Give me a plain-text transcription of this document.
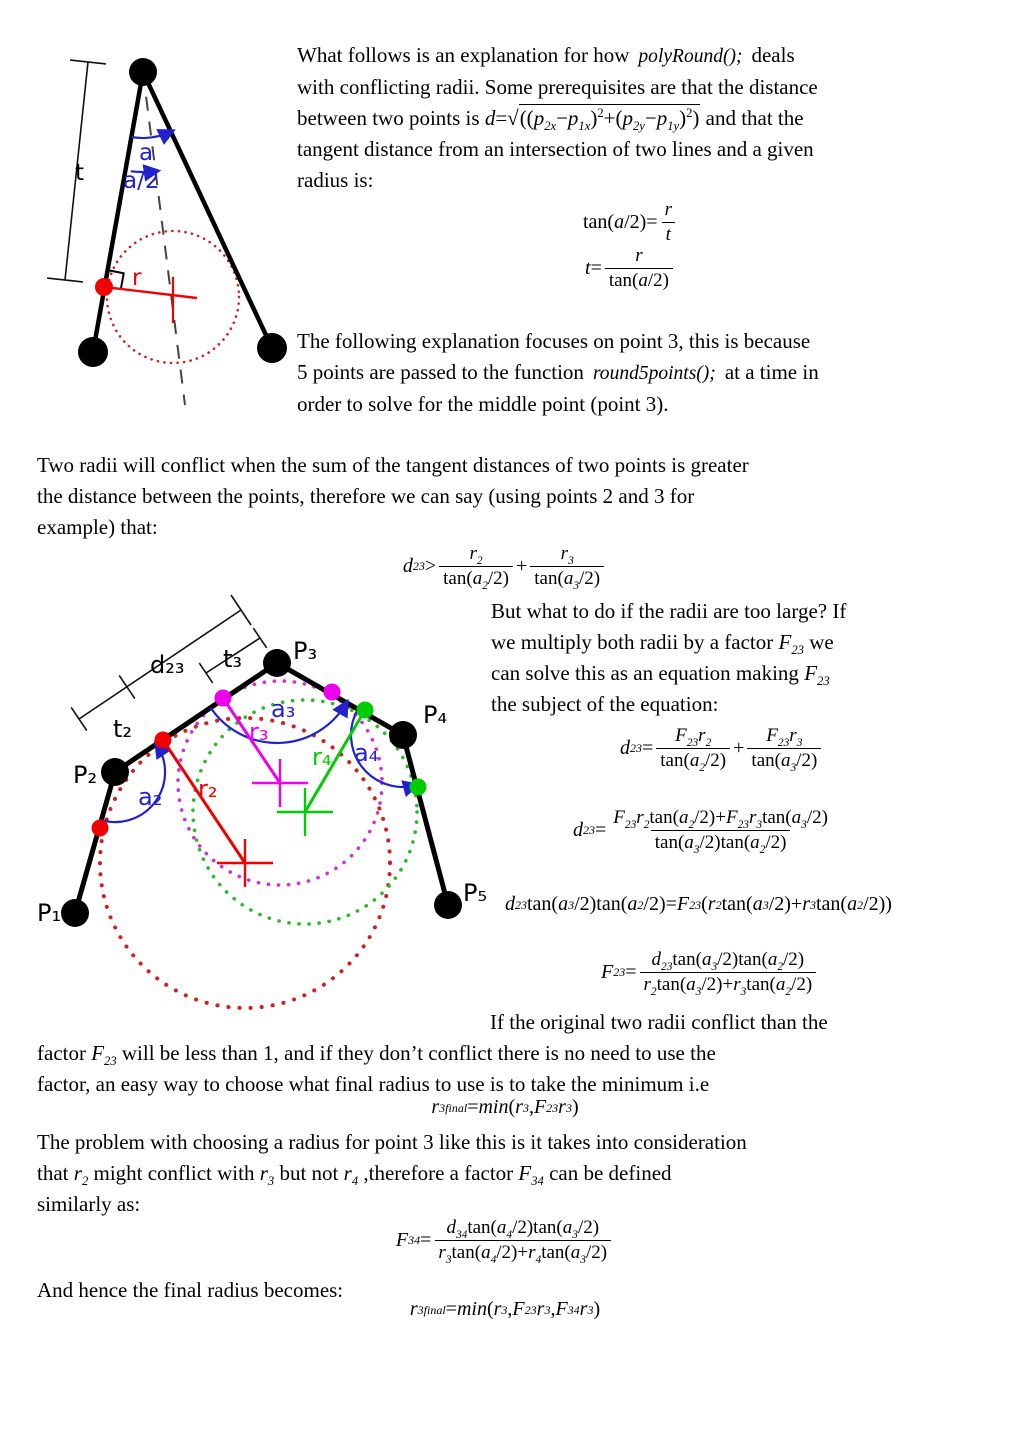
t
a
a/2
r
d₂₃
t₂
t₃
a₂
a₃
a₄
r₂
r₃
r₄
P₁
P₂
P₃
P₄
P₅
What follows is an explanation for how polyRound(); deals
with conflicting radii. Some prerequisites are that the distance
between two points is $d=√((p_{2x}-p_{1x})^2+(p_{2y}-p_{1y})^2)$ and that the
tangent distance from an intersection of two lines and a given
radius is:
The following explanation focuses on point 3, this is because
5 points are passed to the function round5points(); at a time in
order to solve for the middle point (point 3).
Two radii will conflict when the sum of the tangent distances of two points is greater
the distance between the points, therefore we can say (using points 2 and 3 for
example) that:
But what to do if the radii are too large? If
we multiply both radii by a factor $F_{23}$ we
can solve this as an equation making $F_{23}$
the subject of the equation:
If the original two radii conflict than the
factor $F_{23}$ will be less than 1, and if they don’t conflict there is no need to use the
factor, an easy way to choose what final radius to use is to take the minimum i.e
The problem with choosing a radius for point 3 like this is it takes into consideration
that $r_2$ might conflict with $r_3$ but not $r_4$ ,therefore a factor $F_{34}$ can be defined
similarly as:
And hence the final radius becomes:
tan( a $/2)= \frac{r}{t}$
$t = \frac{r}{\tan(a/2)}$
d $23 > \frac{r_2}{\tan(a_2/2)} + \frac{r_3}{\tan(a_3/2)}$
d $23 = \frac{F_{23}r_2}{\tan(a_2/2)} + \frac{F_{23}r_3}{\tan(a_3/2)}$
d $23 = \frac{F_{23}r_2\tan(a_2/2)+F_{23}r_3\tan(a_3/2)}{\tan(a_3/2)\tan(a_2/2)}$
d 23 tan( a 3 /2)tan( a 2 /2)= F 23 ( r 2 tan( a 3 /2)+ r 3 tan( a 2 /2))
F $23 = \frac{d_{23}\tan(a_3/2)\tan(a_2/2)}{r_2\tan(a_3/2)+r_3\tan(a_2/2)}$
r 3final = min ( r 3 , F 23 r 3 )
F $34 = \frac{d_{34}\tan(a_4/2)\tan(a_3/2)}{r_3\tan(a_4/2)+r_4\tan(a_3/2)}$
r 3final = min ( r 3 , F 23 r 3 , F 34 r 3 )
